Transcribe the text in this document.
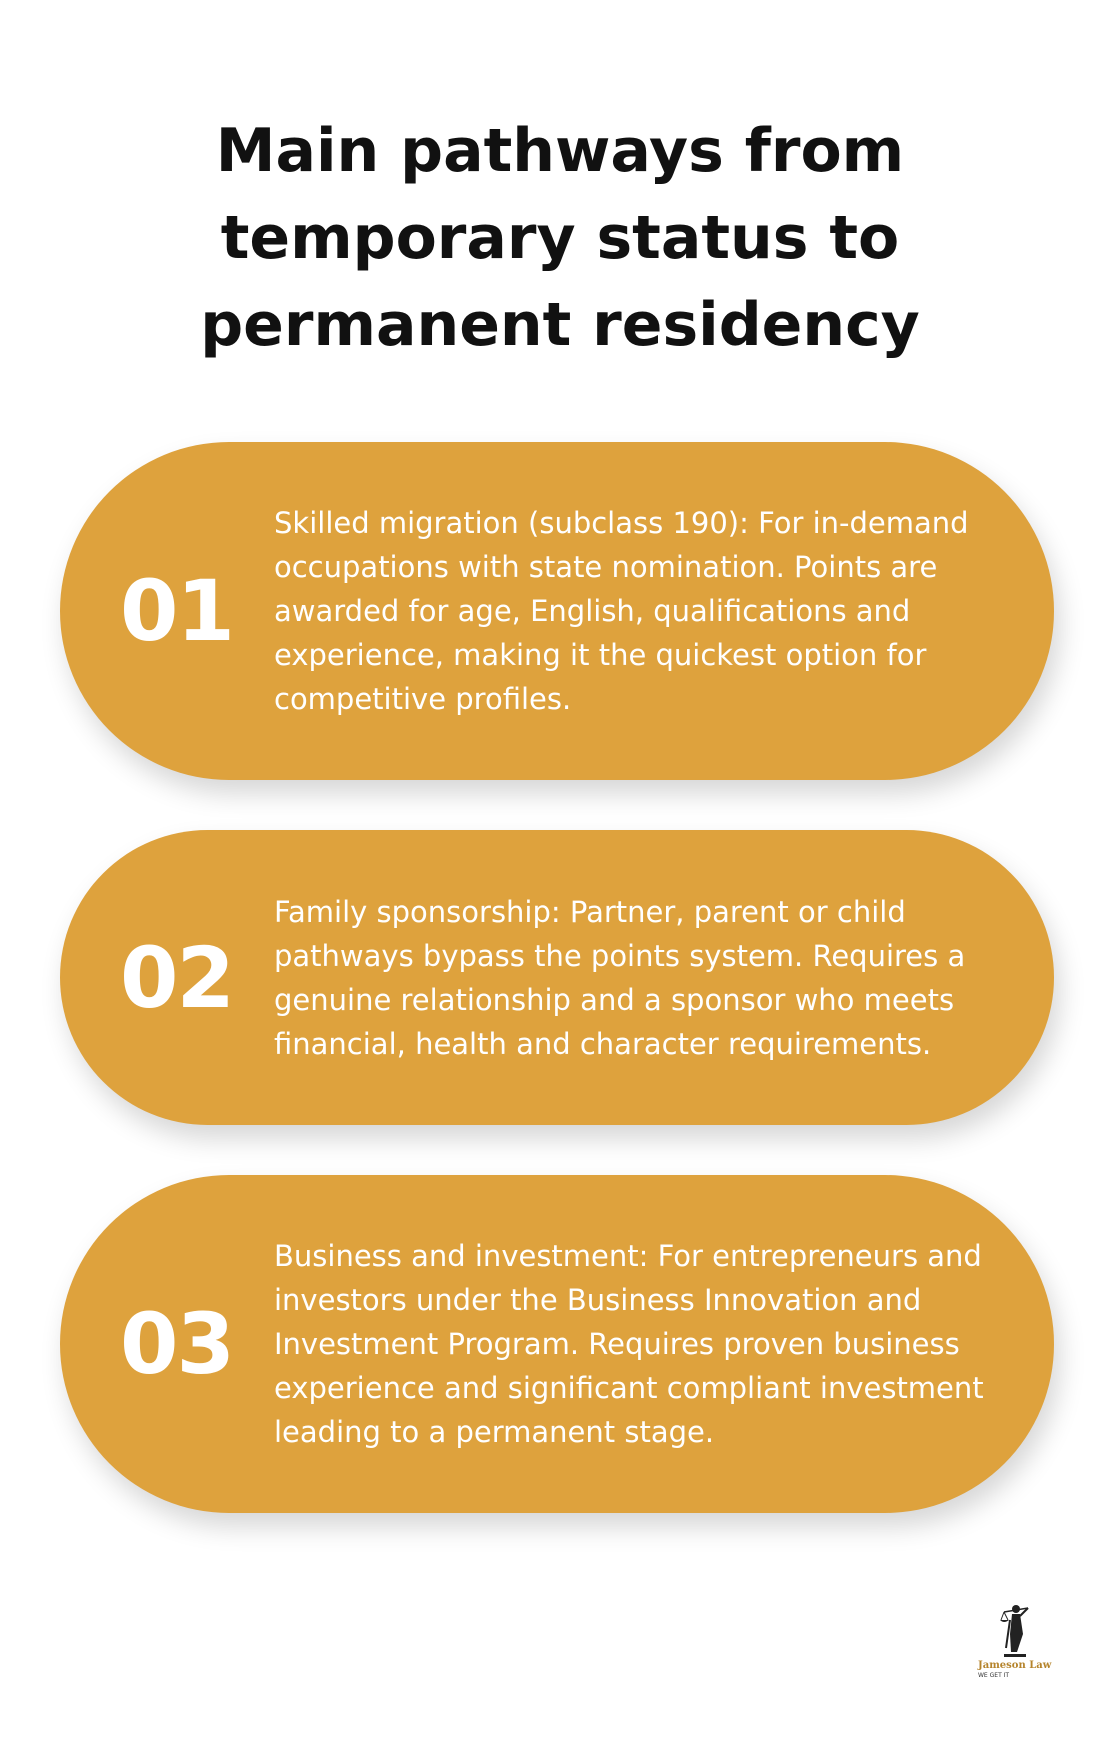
Main pathways from
temporary status to
permanent residency
01
Skilled migration (subclass 190): For in-demand occupations with state nomination. Points are awarded for age, English, qualifications and experience, making it the quickest option for competitive profiles.
02
Family sponsorship: Partner, parent or child pathways bypass the points system. Requires a genuine relationship and a sponsor who meets financial, health and character requirements.
03
Business and investment: For entrepreneurs and investors under the Business Innovation and Investment Program. Requires proven business experience and significant compliant investment leading to a permanent stage.
Jameson Law
WE GET IT
